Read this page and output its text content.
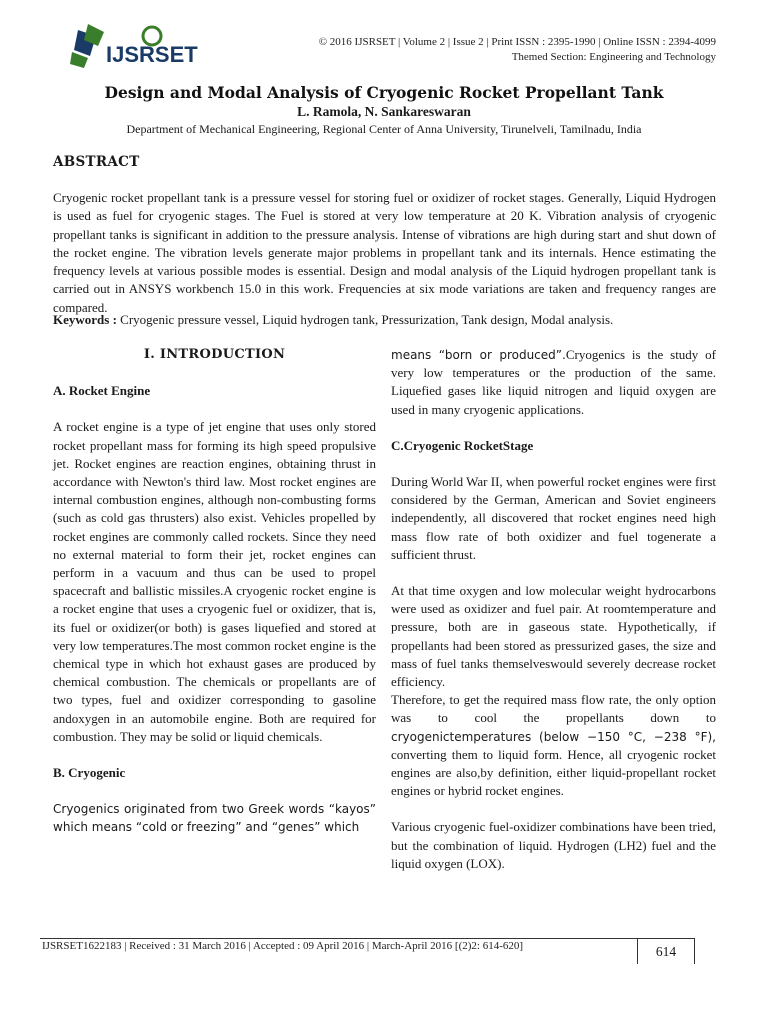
IJSRSET	© 2016 IJSRSET | Volume 2 | Issue 2 | Print ISSN : 2395-1990 | Online ISSN : 2394-4099
Themed Section: Engineering and Technology
Design and Modal Analysis of Cryogenic Rocket Propellant Tank
L. Ramola, N. Sankareswaran
Department of Mechanical Engineering, Regional Center of Anna University, Tirunelveli, Tamilnadu, India
ABSTRACT
Cryogenic rocket propellant tank is a pressure vessel for storing fuel or oxidizer of rocket stages. Generally, Liquid Hydrogen is used as fuel for cryogenic stages. The Fuel is stored at very low temperature at 20 K. Vibration analysis of cryogenic propellant tanks is significant in addition to the pressure analysis. Intense of vibrations are high during start and shut down of the rocket engine. The vibration levels generate major problems in propellant tank and its internals. Hence estimating the frequency levels at various possible modes is essential. Design and modal analysis of the Liquid hydrogen propellant tank is carried out in ANSYS workbench 15.0 in this work. Frequencies at six mode variations are taken and frequency ranges are compared.
Keywords : Cryogenic pressure vessel, Liquid hydrogen tank, Pressurization, Tank design, Modal analysis.
I. INTRODUCTION
A. Rocket Engine

A rocket engine is a type of jet engine that uses only stored rocket propellant mass for forming its high speed propulsive jet. Rocket engines are reaction engines, obtaining thrust in accordance with Newton's third law. Most rocket engines are internal combustion engines, although non-combusting forms (such as cold gas thrusters) also exist. Vehicles propelled by rocket engines are commonly called rockets. Since they need no external material to form their jet, rocket engines can perform in a vacuum and thus can be used to propel spacecraft and ballistic missiles.A cryogenic rocket engine is a rocket engine that uses a cryogenic fuel or oxidizer, that is, its fuel or oxidizer(or both) is gases liquefied and stored at very low temperatures.The most common rocket engine is the chemical type in which hot exhaust gases are produced by chemical combustion. The chemicals or propellants are of two types, fuel and oxidizer corresponding to gasoline andoxygen in an automobile engine. Both are required for combustion. They may be solid or liquid chemicals.

B. Cryogenic

Cryogenics originated from two Greek words “kayos” which means “cold or freezing” and “genes” which

means “born or produced”.Cryogenics is the study of very low temperatures or the production of the same. Liquefied gases like liquid nitrogen and liquid oxygen are used in many cryogenic applications.

C.Cryogenic RocketStage

During World War II, when powerful rocket engines were first considered by the German, American and Soviet engineers independently, all discovered that rocket engines need high mass flow rate of both oxidizer and fuel togenerate a sufficient thrust.

At that time oxygen and low molecular weight hydrocarbons were used as oxidizer and fuel pair. At roomtemperature and pressure, both are in gaseous state. Hypothetically, if propellants had been stored as pressurized gases, the size and mass of fuel tanks themselveswould severely decrease rocket efficiency.

Therefore, to get the required mass flow rate, the only option was to cool the propellants down to cryogenictemperatures (below −150 °C, −238 °F), converting them to liquid form. Hence, all cryogenic rocket engines are also,by definition, either liquid-propellant rocket engines or hybrid rocket engines.

Various cryogenic fuel-oxidizer combinations have been tried, but the combination of liquid. Hydrogen (LH2) fuel and the liquid oxygen (LOX).

IJSRSET1622183 | Received : 31 March 2016 | Accepted : 09 April 2016 | March-April 2016 [(2)2: 614-620]	614
